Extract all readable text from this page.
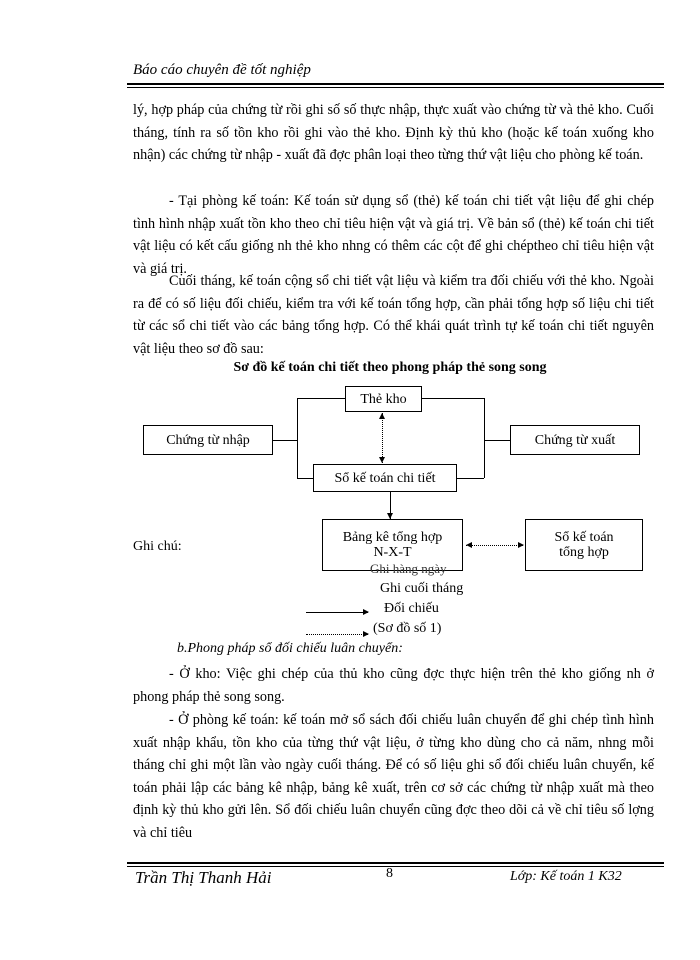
Báo cáo chuyên đề tốt nghiệp

lý, hợp pháp của chứng từ rồi ghi số số thực nhập, thực xuất vào chứng từ và thẻ kho. Cuối tháng, tính ra số tồn kho rồi ghi vào thẻ kho. Định kỳ thủ kho (hoặc kế toán xuống kho nhận) các chứng từ nhập - xuất đã đợc phân loại theo từng thứ vật liệu cho phòng kế toán.

- Tại phòng kế toán: Kế toán sử dụng sổ (thẻ) kế toán chi tiết vật liệu để ghi chép tình hình nhập xuất tồn kho theo chỉ tiêu hiện vật và giá trị. Về bản sổ (thẻ) kế toán chi tiết vật liệu có kết cấu giống nh thẻ kho nhng có thêm các cột để ghi chéptheo chỉ tiêu hiện vật và giá trị.

Cuối tháng, kế toán cộng sổ chi tiết vật liệu và kiểm tra đối chiếu với thẻ kho. Ngoài ra để có số liệu đối chiếu, kiểm tra với kế toán tổng hợp, cần phải tổng hợp số liệu chi tiết từ các sổ chi tiết vào các bảng tổng hợp. Có thể khái quát trình tự kế toán chi tiết nguyên vật liệu theo sơ đồ sau:

Sơ đồ kế toán chi tiết theo phong pháp thẻ song song
Thẻ kho
Chứng từ nhập	Chứng từ xuất
Sổ kế toán chi tiết
Bảng kê tổng hợp
N-X-T
Sổ kế toán
tổng hợp
Ghi chú:
Ghi hàng ngày
Ghi cuối tháng
Đối chiếu
(Sơ đồ số 1)
b.Phong pháp sổ đối chiếu luân chuyển:

- Ở kho: Việc ghi chép của thủ kho cũng đợc thực hiện trên thẻ kho giống nh ở phong pháp thẻ song song.

- Ở phòng kế toán: kế toán mở sổ sách đối chiếu luân chuyển để ghi chép tình hình xuất nhập khẩu, tồn kho của từng thứ vật liệu, ở từng kho dùng cho cả năm, nhng mỗi tháng chỉ ghi một lần vào ngày cuối tháng. Để có số liệu ghi sổ đối chiếu luân chuyển, kế toán phải lập các bảng kê nhập, bảng kê xuất, trên cơ sở các chứng từ nhập xuất mà theo định kỳ thủ kho gửi lên. Sổ đối chiếu luân chuyển cũng đợc theo dõi cả về chỉ tiêu số lợng và chỉ tiêu

Trần Thị Thanh Hải	8	Lớp: Kế toán 1 K32
